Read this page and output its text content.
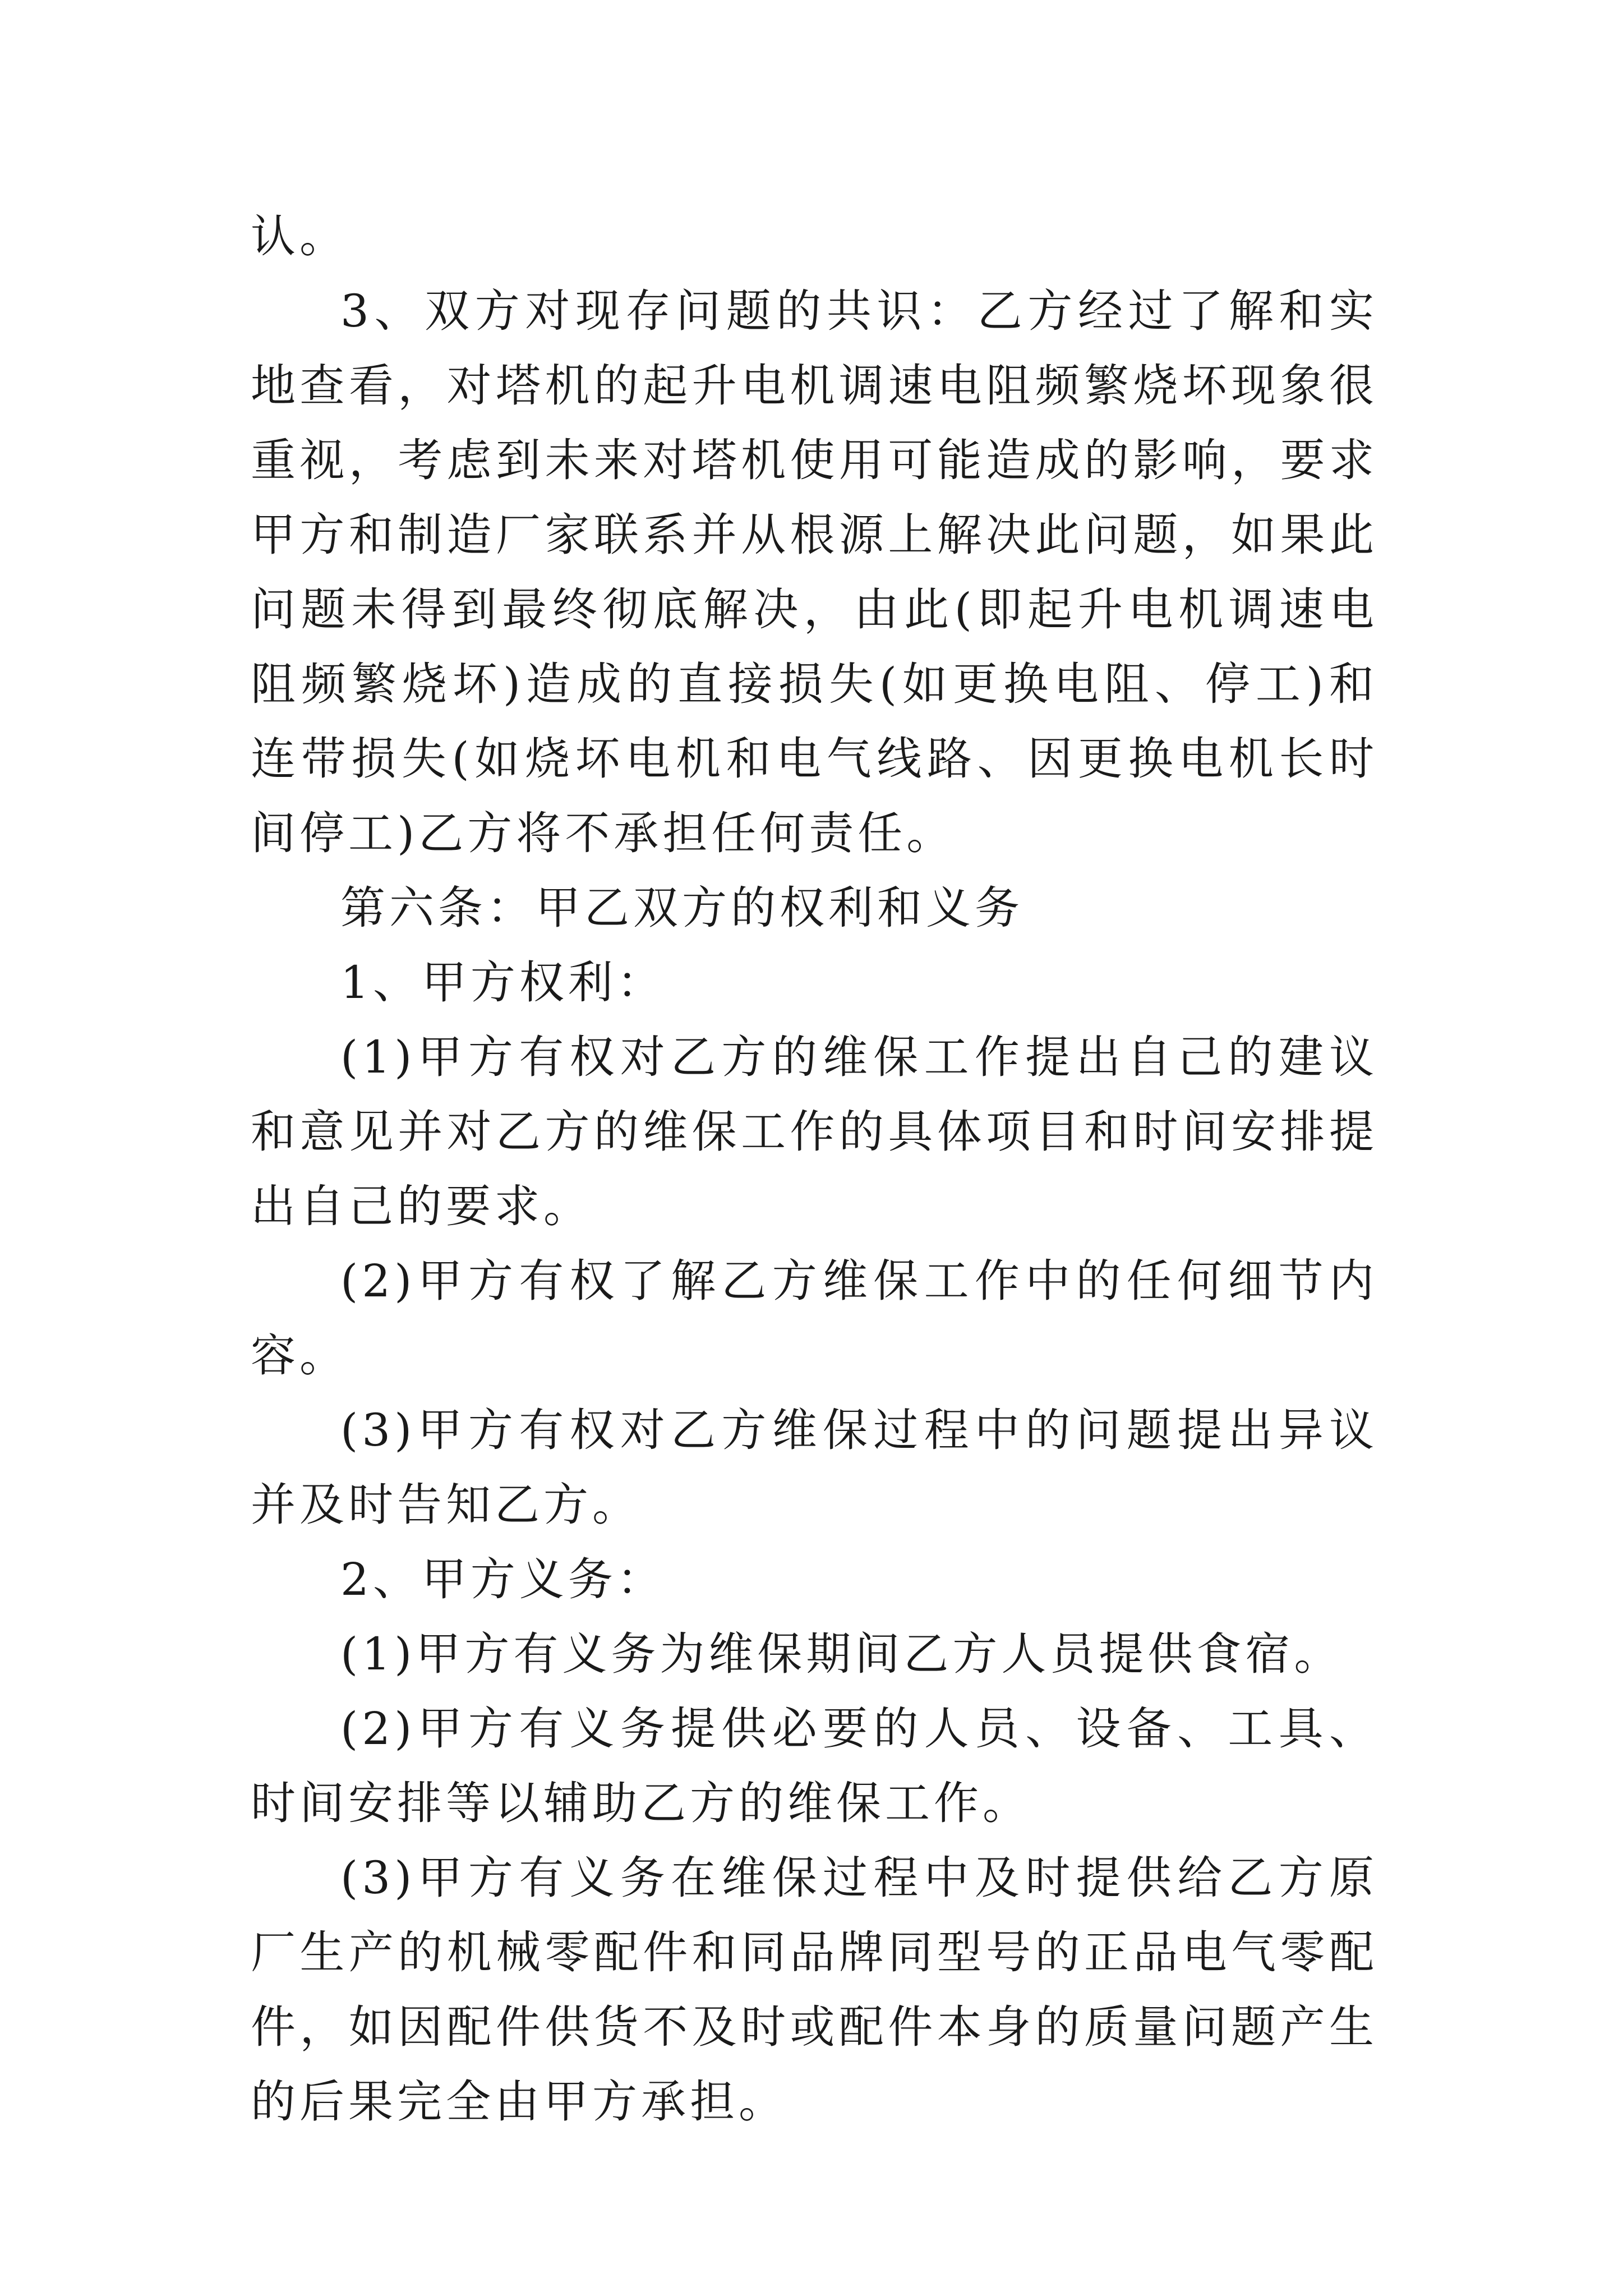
认。

3、双方对现存问题的共识：乙方经过了解和实地查看，对塔机的起升电机调速电阻频繁烧坏现象很重视，考虑到未来对塔机使用可能造成的影响，要求甲方和制造厂家联系并从根源上解决此问题，如果此问题未得到最终彻底解决，由此(即起升电机调速电阻频繁烧坏)造成的直接损失(如更换电阻、停工)和连带损失(如烧坏电机和电气线路、因更换电机长时间停工)乙方将不承担任何责任。

第六条：甲乙双方的权利和义务

1、甲方权利：

(1)甲方有权对乙方的维保工作提出自己的建议和意见并对乙方的维保工作的具体项目和时间安排提出自己的要求。

(2)甲方有权了解乙方维保工作中的任何细节内容。

(3)甲方有权对乙方维保过程中的问题提出异议并及时告知乙方。

2、甲方义务：

(1)甲方有义务为维保期间乙方人员提供食宿。

(2)甲方有义务提供必要的人员、设备、工具、时间安排等以辅助乙方的维保工作。

(3)甲方有义务在维保过程中及时提供给乙方原厂生产的机械零配件和同品牌同型号的正品电气零配件，如因配件供货不及时或配件本身的质量问题产生的后果完全由甲方承担。
